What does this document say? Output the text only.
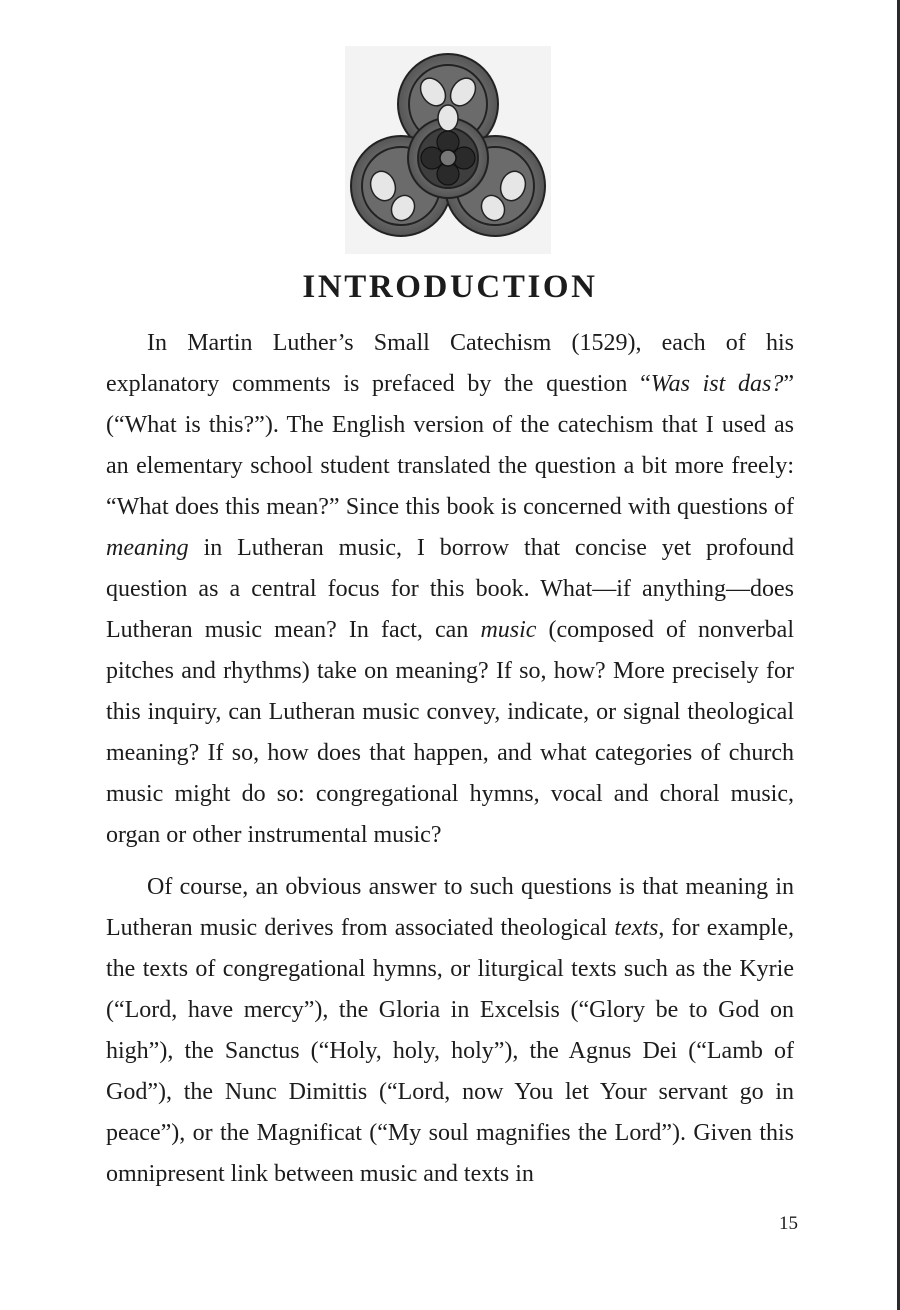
INTRODUCTION

In Martin Luther’s Small Catechism (1529), each of his explanatory comments is prefaced by the question “Was ist das?” (“What is this?”). The English version of the catechism that I used as an elementary school student translated the question a bit more freely: “What does this mean?” Since this book is concerned with questions of meaning in Lutheran music, I borrow that concise yet profound question as a central focus for this book. What—if anything—does Lutheran music mean? In fact, can music (composed of nonverbal pitches and rhythms) take on meaning? If so, how? More precisely for this inquiry, can Lutheran music convey, indicate, or signal theological meaning? If so, how does that happen, and what categories of church music might do so: congregational hymns, vocal and choral music, organ or other instrumental music?

Of course, an obvious answer to such questions is that meaning in Lutheran music derives from associated theological texts, for example, the texts of congregational hymns, or liturgical texts such as the Kyrie (“Lord, have mercy”), the Gloria in Excelsis (“Glory be to God on high”), the Sanctus (“Holy, holy, holy”), the Agnus Dei (“Lamb of God”), the Nunc Dimittis (“Lord, now You let Your servant go in peace”), or the Magnificat (“My soul magnifies the Lord”). Given this omnipresent link between music and texts in

15
